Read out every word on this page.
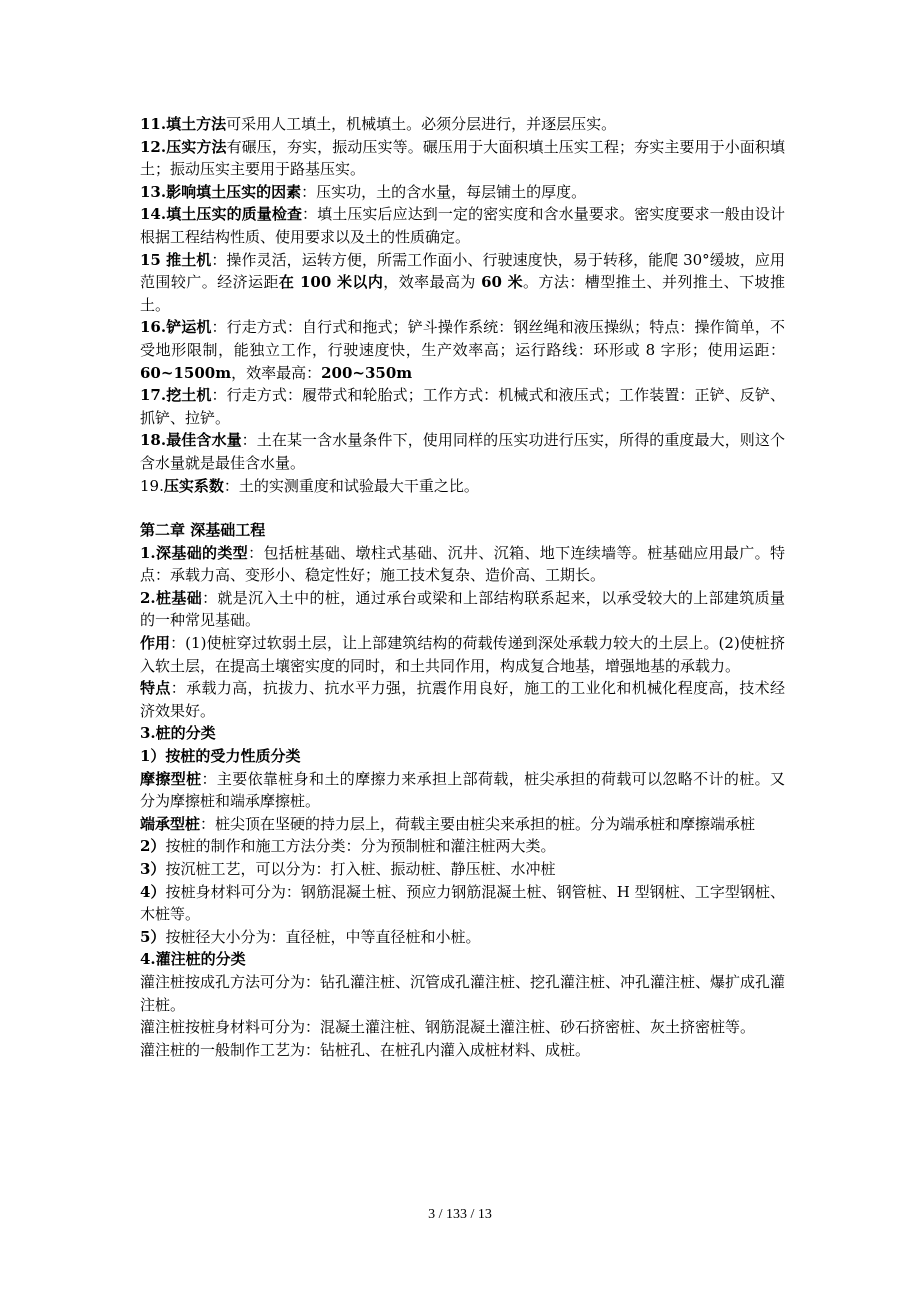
11.填土方法可采用人工填土，机械填土。必须分层进行，并逐层压实。

12.压实方法有碾压，夯实，振动压实等。碾压用于大面积填土压实工程；夯实主要用于小面积填土；振动压实主要用于路基压实。

13.影响填土压实的因素：压实功，土的含水量，每层铺土的厚度。

14.填土压实的质量检查：填土压实后应达到一定的密实度和含水量要求。密实度要求一般由设计根据工程结构性质、使用要求以及土的性质确定。

15 推土机：操作灵活，运转方便，所需工作面小、行驶速度快，易于转移，能爬 30°缓坡，应用范围较广。经济运距在 100 米以内，效率最高为 60 米。方法：槽型推土、并列推土、下坡推土。

16.铲运机：行走方式：自行式和拖式；铲斗操作系统：钢丝绳和液压操纵；特点：操作简单，不受地形限制，能独立工作，行驶速度快，生产效率高；运行路线：环形或 8 字形；使用运距：60~1500m，效率最高：200~350m

17.挖土机：行走方式：履带式和轮胎式；工作方式：机械式和液压式；工作装置：正铲、反铲、抓铲、拉铲。

18.最佳含水量：土在某一含水量条件下，使用同样的压实功进行压实，所得的重度最大，则这个含水量就是最佳含水量。

19.压实系数：土的实测重度和试验最大干重之比。

第二章 深基础工程

1.深基础的类型：包括桩基础、墩柱式基础、沉井、沉箱、地下连续墙等。桩基础应用最广。特点：承载力高、变形小、稳定性好；施工技术复杂、造价高、工期长。

2.桩基础：就是沉入土中的桩，通过承台或梁和上部结构联系起来，以承受较大的上部建筑质量的一种常见基础。

作用：(1)使桩穿过软弱土层，让上部建筑结构的荷载传递到深处承载力较大的土层上。(2)使桩挤入软土层，在提高土壤密实度的同时，和土共同作用，构成复合地基，增强地基的承载力。

特点：承载力高，抗拔力、抗水平力强，抗震作用良好，施工的工业化和机械化程度高，技术经济效果好。

3.桩的分类

1）按桩的受力性质分类

摩擦型桩：主要依靠桩身和土的摩擦力来承担上部荷载，桩尖承担的荷载可以忽略不计的桩。又分为摩擦桩和端承摩擦桩。

端承型桩：桩尖顶在坚硬的持力层上，荷载主要由桩尖来承担的桩。分为端承桩和摩擦端承桩

2）按桩的制作和施工方法分类：分为预制桩和灌注桩两大类。

3）按沉桩工艺，可以分为：打入桩、振动桩、静压桩、水冲桩

4）按桩身材料可分为：钢筋混凝土桩、预应力钢筋混凝土桩、钢管桩、H 型钢桩、工字型钢桩、木桩等。

5）按桩径大小分为：直径桩，中等直径桩和小桩。

4.灌注桩的分类

灌注桩按成孔方法可分为：钻孔灌注桩、沉管成孔灌注桩、挖孔灌注桩、冲孔灌注桩、爆扩成孔灌注桩。

灌注桩按桩身材料可分为：混凝土灌注桩、钢筋混凝土灌注桩、砂石挤密桩、灰土挤密桩等。

灌注桩的一般制作工艺为：钻桩孔、在桩孔内灌入成桩材料、成桩。

3 / 133 / 13
